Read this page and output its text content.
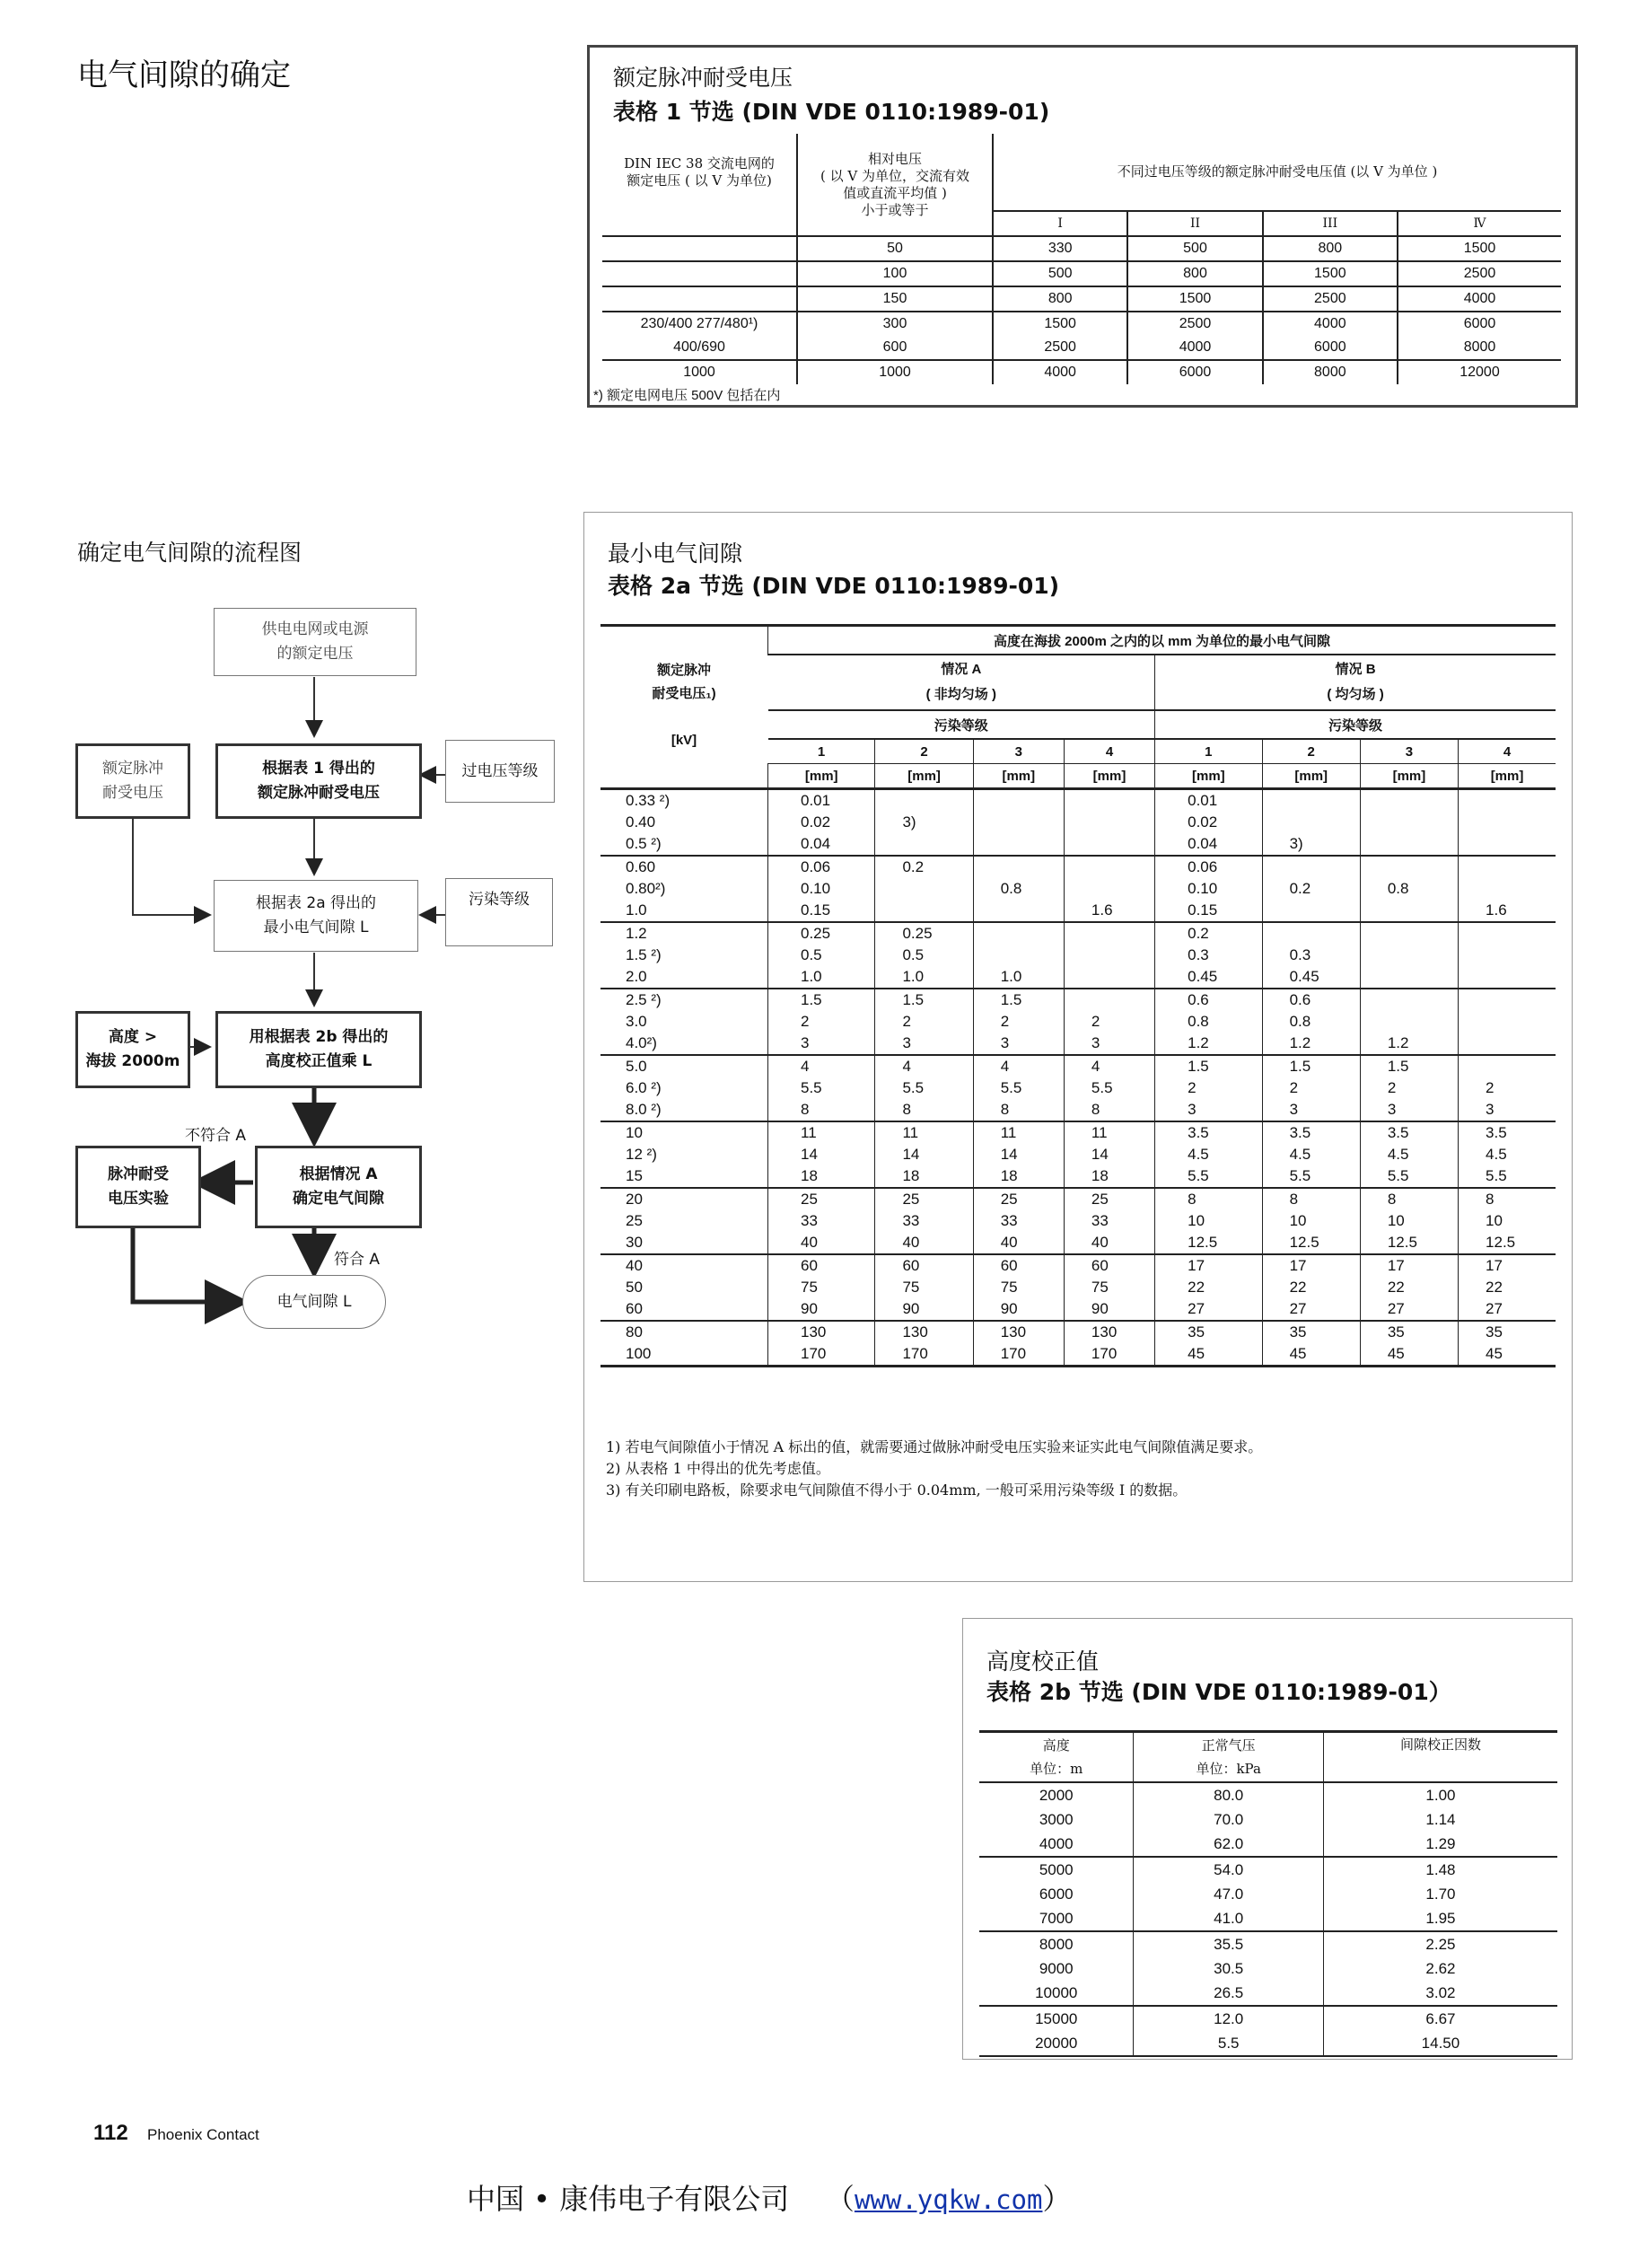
电气间隙的确定	额定脉冲耐受电压
表格 1 节选 (DIN VDE 0110:1989-01)
DIN IEC 38 交流电网的
额定电压 ( 以 V 为单位)	相对电压
( 以 V 为单位，交流有效
值或直流平均值 )
小于或等于	不同过电压等级的额定脉冲耐受电压值 (以 V 为单位 )			
		I	II	III	Ⅳ
	50	330	500	800	1500
	100	500	800	1500	2500
	150	800	1500	2500	4000
230/400 277/480¹)	300	1500	2500	4000	6000
400/690	600	2500	4000	6000	8000
1000	1000	4000	6000	8000	12000
*) 额定电网电压 500V 包括在内
确定电气间隙的流程图
供电电网或电源
的额定电压
额定脉冲
耐受电压
根据表 1 得出的
额定脉冲耐受电压
过电压等级
根据表 2a 得出的
最小电气间隙 L
污染等级
高度 >
海拔 2000m
用根据表 2b 得出的
高度校正值乘 L
不符合 A
脉冲耐受
电压实验
根据情况 A
确定电气间隙
符合 A
电气间隙 L
最小电气间隙
表格 2a 节选 (DIN VDE 0110:1989-01)
额定脉冲
耐受电压₁)

[kV]	高度在海拔 2000m 之内的以 mm 为单位的最小电气间隙							
	情况 A
( 非均匀场 )				情况 B
( 均匀场 )			
	污染等级				污染等级			
	1	2	3	4	1	2	3	4
	[mm]	[mm]	[mm]	[mm]	[mm]	[mm]	[mm]	[mm]
0.33 ²)	0.01				0.01			
0.40	0.02	3)			0.02			
0.5 ²)	0.04				0.04	3)		
0.60	0.06	0.2			0.06			
0.80²)	0.10		0.8		0.10	0.2	0.8	
1.0	0.15			1.6	0.15			1.6
1.2	0.25	0.25			0.2			
1.5 ²)	0.5	0.5			0.3	0.3		
2.0	1.0	1.0	1.0		0.45	0.45		
2.5 ²)	1.5	1.5	1.5		0.6	0.6		
3.0	2	2	2	2	0.8	0.8		
4.0²)	3	3	3	3	1.2	1.2	1.2	
5.0	4	4	4	4	1.5	1.5	1.5	
6.0 ²)	5.5	5.5	5.5	5.5	2	2	2	2
8.0 ²)	8	8	8	8	3	3	3	3
10	11	11	11	11	3.5	3.5	3.5	3.5
12 ²)	14	14	14	14	4.5	4.5	4.5	4.5
15	18	18	18	18	5.5	5.5	5.5	5.5
20	25	25	25	25	8	8	8	8
25	33	33	33	33	10	10	10	10
30	40	40	40	40	12.5	12.5	12.5	12.5
40	60	60	60	60	17	17	17	17
50	75	75	75	75	22	22	22	22
60	90	90	90	90	27	27	27	27
80	130	130	130	130	35	35	35	35
100	170	170	170	170	45	45	45	45
1) 若电气间隙值小于情况 A 标出的值，就需要通过做脉冲耐受电压实验来证实此电气间隙值满足要求。
2) 从表格 1 中得出的优先考虑值。
3) 有关印刷电路板，除要求电气间隙值不得小于 0.04mm, 一般可采用污染等级 I 的数据。
高度校正值
表格 2b 节选 (DIN VDE 0110:1989-01）
高度
单位：m	正常气压
单位：kPa	间隙校正因数
2000	80.0	1.00
3000	70.0	1.14
4000	62.0	1.29
5000	54.0	1.48
6000	47.0	1.70
7000	41.0	1.95
8000	35.5	2.25
9000	30.5	2.62
10000	26.5	3.02
15000	12.0	6.67
20000	5.5	14.50
112 Phoenix Contact
中国 • 康伟电子有限公司    （www.yqkw.com）
